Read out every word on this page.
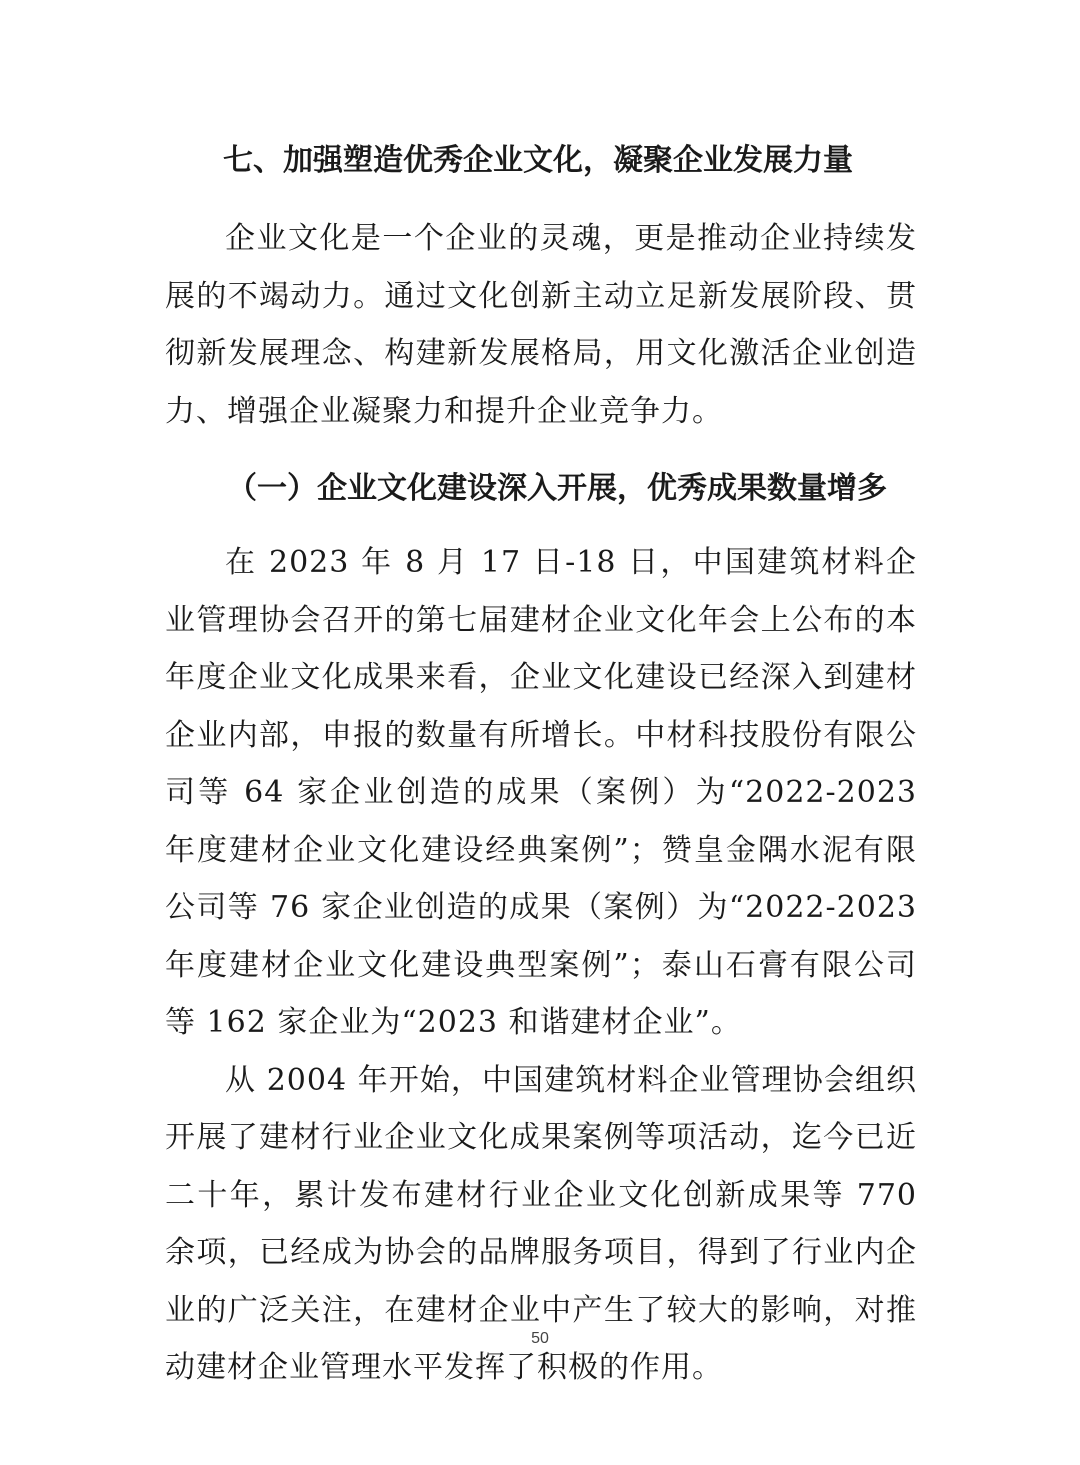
七、加强塑造优秀企业文化，凝聚企业发展力量

企业文化是一个企业的灵魂，更是推动企业持续发展的不竭动力。通过文化创新主动立足新发展阶段、贯彻新发展理念、构建新发展格局，用文化激活企业创造力、增强企业凝聚力和提升企业竞争力。

（一）企业文化建设深入开展，优秀成果数量增多

在 2023 年 8 月 17 日-18 日，中国建筑材料企业管理协会召开的第七届建材企业文化年会上公布的本年度企业文化成果来看，企业文化建设已经深入到建材企业内部，申报的数量有所增长。中材科技股份有限公司等 64 家企业创造的成果（案例）为“2022-2023 年度建材企业文化建设经典案例”；赞皇金隅水泥有限公司等 76 家企业创造的成果（案例）为“2022-2023 年度建材企业文化建设典型案例”；泰山石膏有限公司等 162 家企业为“2023 和谐建材企业”。

从 2004 年开始，中国建筑材料企业管理协会组织开展了建材行业企业文化成果案例等项活动，迄今已近二十年，累计发布建材行业企业文化创新成果等 770 余项，已经成为协会的品牌服务项目，得到了行业内企业的广泛关注，在建材企业中产生了较大的影响，对推动建材企业管理水平发挥了积极的作用。

50
